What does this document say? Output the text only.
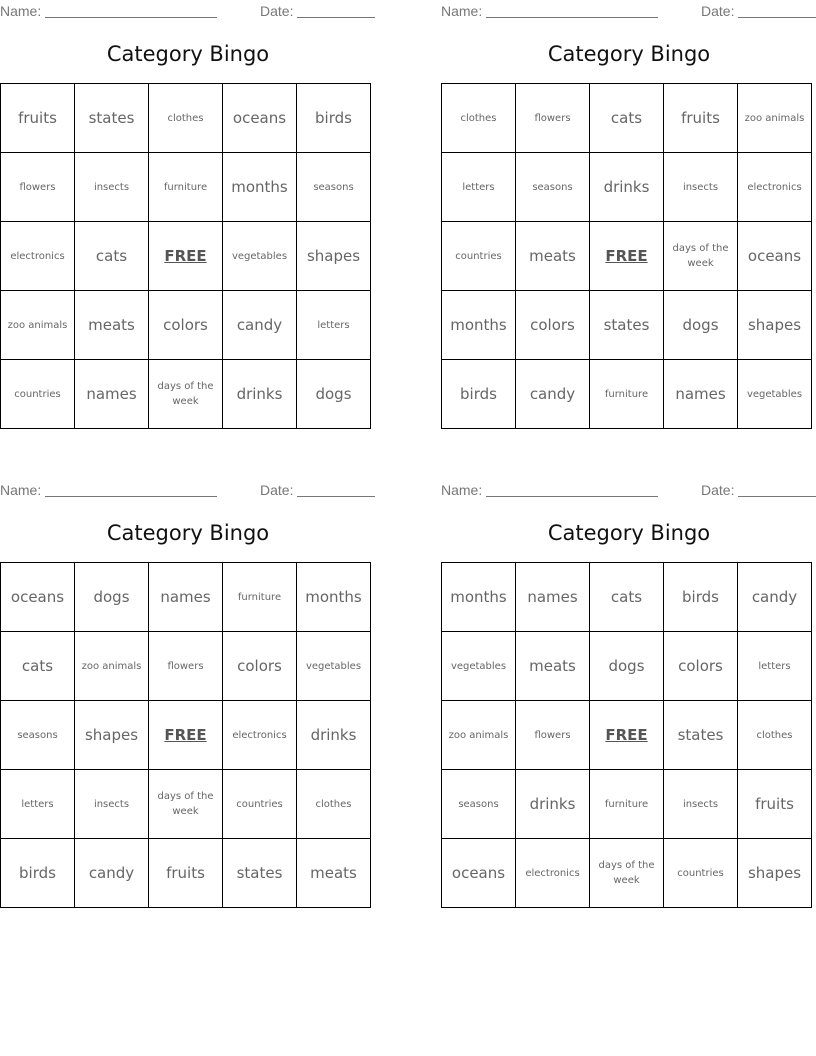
Name:	Date:
Category Bingo
fruits	states	clothes	oceans	birds
flowers	insects	furniture	months	seasons
electronics	cats	FREE	vegetables	shapes
zoo animals	meats	colors	candy	letters
countries	names	days of the week	drinks	dogs
Name:	Date:
Category Bingo
clothes	flowers	cats	fruits	zoo animals
letters	seasons	drinks	insects	electronics
countries	meats	FREE	days of the week	oceans
months	colors	states	dogs	shapes
birds	candy	furniture	names	vegetables
Name:	Date:
Category Bingo
oceans	dogs	names	furniture	months
cats	zoo animals	flowers	colors	vegetables
seasons	shapes	FREE	electronics	drinks
letters	insects	days of the week	countries	clothes
birds	candy	fruits	states	meats
Name:	Date:
Category Bingo
months	names	cats	birds	candy
vegetables	meats	dogs	colors	letters
zoo animals	flowers	FREE	states	clothes
seasons	drinks	furniture	insects	fruits
oceans	electronics	days of the week	countries	shapes
